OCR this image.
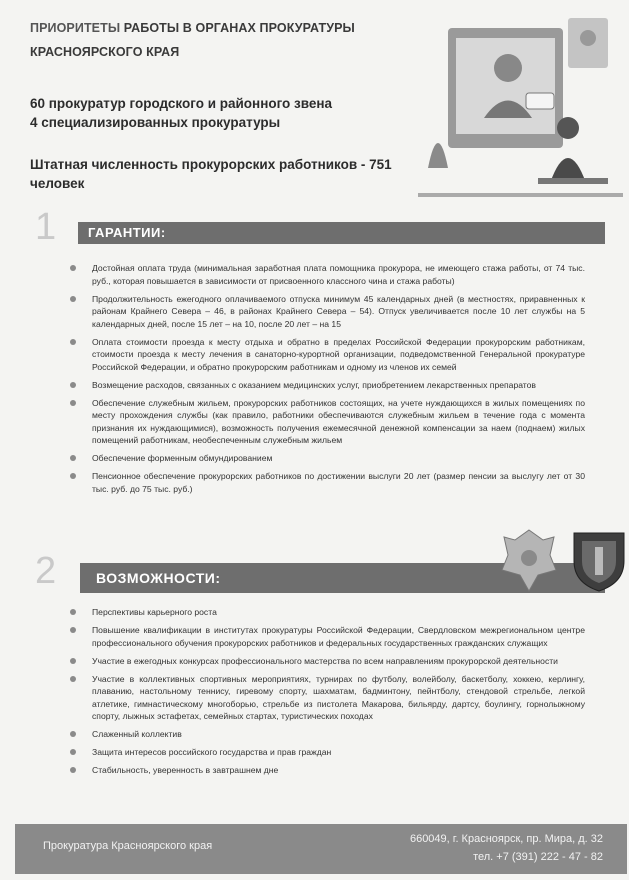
ПРИОРИТЕТЫ РАБОТЫ В ОРГАНАХ ПРОКУРАТУРЫ
КРАСНОЯРСКОГО КРАЯ
60 прокуратур городского и районного звена
4 специализированных прокуратуры
Штатная численность прокурорских работников - 751 человек
1	ГАРАНТИИ:
Достойная оплата труда (минимальная заработная плата помощника прокурора, не имеющего стажа работы, от 74 тыс. руб., которая повышается в зависимости от присвоенного классного чина и стажа работы)
Продолжительность ежегодного оплачиваемого отпуска минимум 45 календарных дней (в местностях, приравненных к районам Крайнего Севера – 46, в районах Крайнего Севера – 54). Отпуск увеличивается после 10 лет службы на 5 календарных дней, после 15 лет – на 10, после 20 лет – на 15
Оплата стоимости проезда к месту отдыха и обратно в пределах Российской Федерации прокурорским работникам, стоимости проезда к месту лечения в санаторно-курортной организации, подведомственной Генеральной прокуратуре Российской Федерации, и обратно прокурорским работникам и одному из членов их семей
Возмещение расходов, связанных с оказанием медицинских услуг, приобретением лекарственных препаратов
Обеспечение служебным жильем, прокурорских работников состоящих, на учете нуждающихся в жилых помещениях по месту прохождения службы (как правило, работники обеспечиваются служебным жильем в течение года с момента признания их нуждающимися), возможность получения ежемесячной денежной компенсации за наем (поднаем) жилых помещений работникам, необеспеченным служебным жильем
Обеспечение форменным обмундированием
Пенсионное обеспечение прокурорских работников по достижении выслуги 20 лет (размер пенсии за выслугу лет от 30 тыс. руб. до 75 тыс. руб.)
2	ВОЗМОЖНОСТИ:
Перспективы карьерного роста
Повышение квалификации в институтах прокуратуры Российской Федерации, Свердловском межрегиональном центре профессионального обучения прокурорских работников и федеральных государственных гражданских служащих
Участие в ежегодных конкурсах профессионального мастерства по всем направлениям прокурорской деятельности
Участие в коллективных спортивных мероприятиях, турнирах по футболу, волейболу, баскетболу, хоккею, керлингу, плаванию, настольному теннису, гиревому спорту, шахматам, бадминтону, пейнтболу, стендовой стрельбе, легкой атлетике, гимнастическому многоборью, стрельбе из пистолета Макарова, бильярду, дартсу, боулингу, горнолыжному спорту, лыжных эстафетах, семейных стартах, туристических походах
Слаженный коллектив
Защита интересов российского государства и прав граждан
Стабильность, уверенность в завтрашнем дне
Прокуратура Красноярского края
660049, г. Красноярск, пр. Мира, д. 32
тел. +7 (391) 222 - 47 - 82
